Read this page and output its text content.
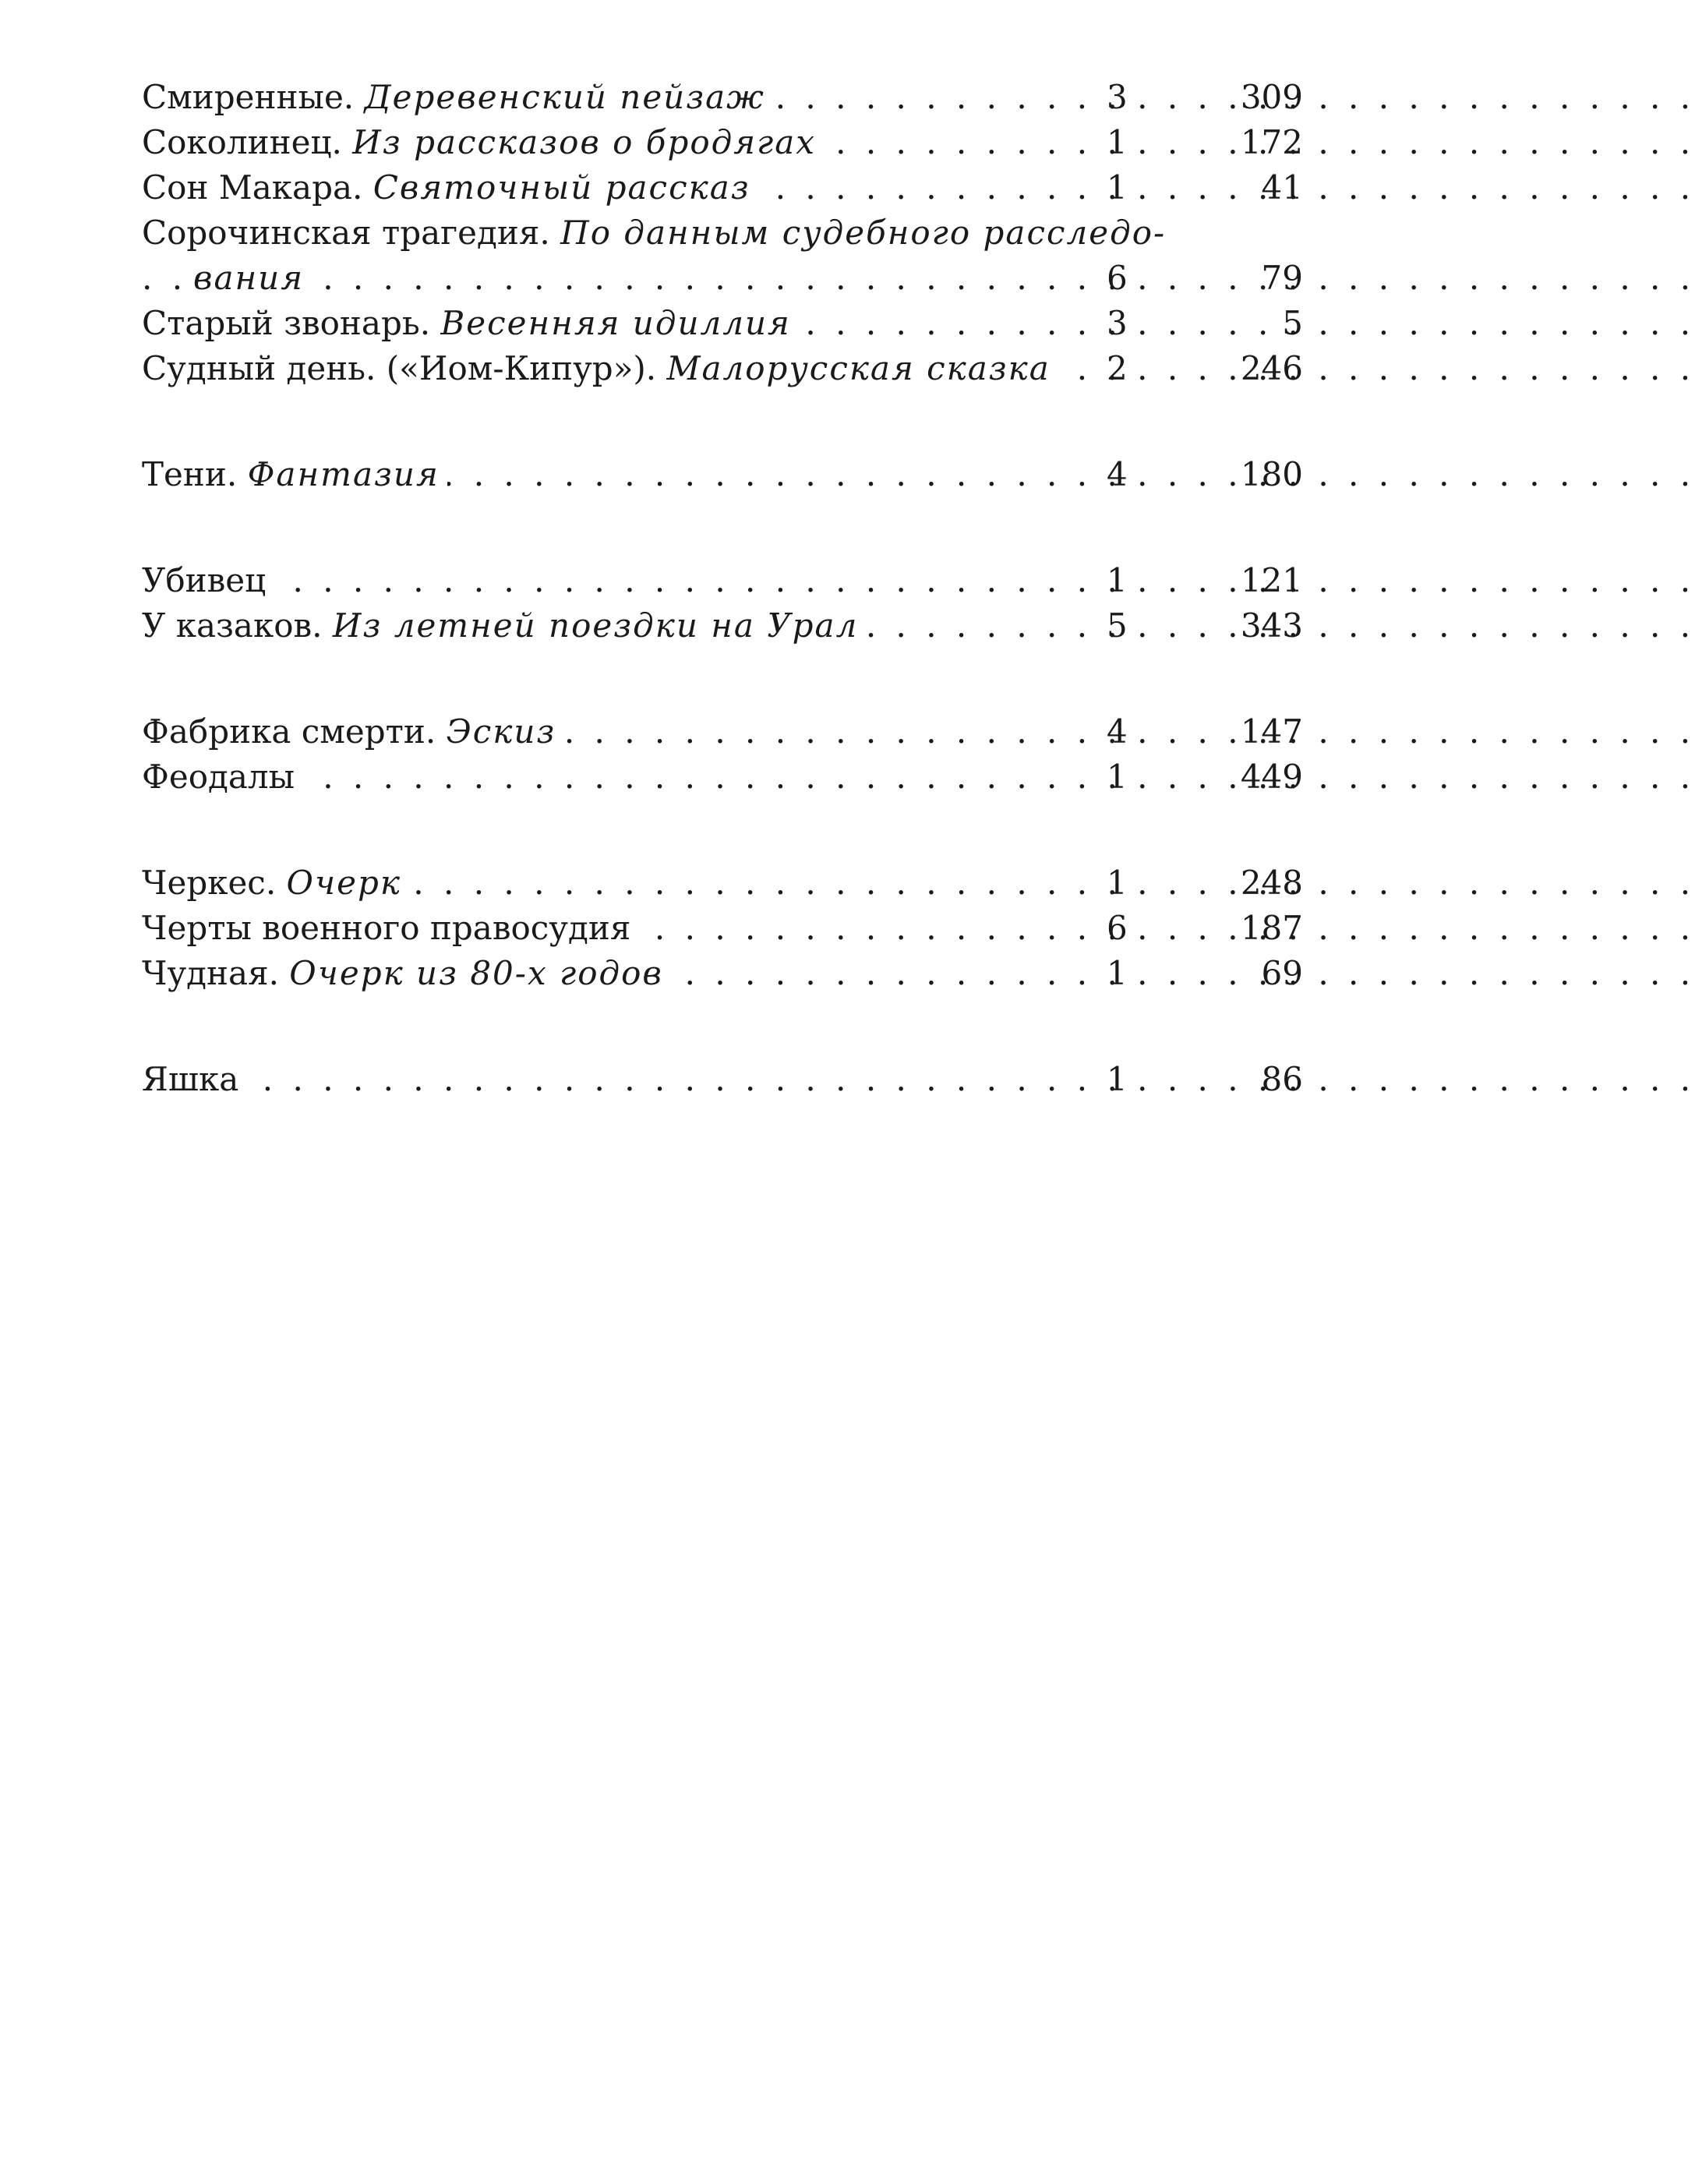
Смиренные. Деревенский пейзаж . . .	3	309
Соколинец. Из рассказов о бродягах . . .	1	172
Сон Макара. Святочный рассказ . . .	1	41
Сорочинская трагедия. По данным судебного расследо-
вания . . .	6	79
Старый звонарь. Весенняя идиллия . . .	3	5
Судный день. («Иом-Кипур»). Малорусская сказка . . .	2	246
Тени. Фантазия . . .	4	180
Убивец . . .	1	121
У казаков. Из летней поездки на Урал . . .	5	343
Фабрика смерти. Эскиз . . .	4	147
Феодалы . . .	1	449
Черкес. Очерк . . .	1	248
Черты военного правосудия . . .	6	187
Чудная. Очерк из 80-х годов . . .	1	69
Яшка . . .	1	86
